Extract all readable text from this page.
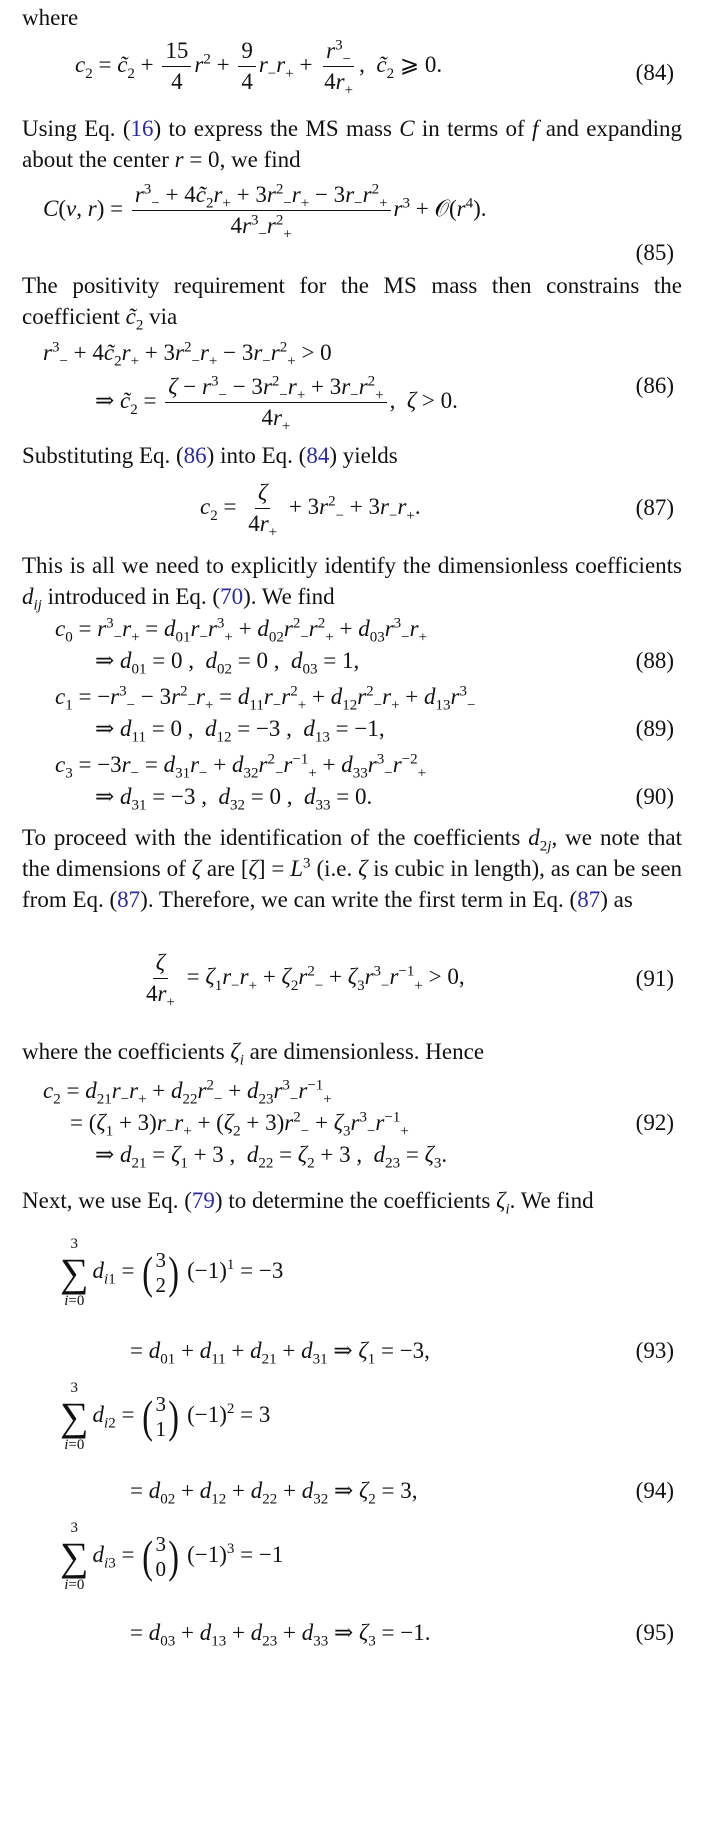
where
$c_2$ = $c̃_2 + \frac{15}{4} r^2 + \frac{9}{4} r_-r_+ + \frac{r^3_-}{4r_+}$ ,  $c̃_2$ ⩾ 0.	(84)
Using Eq. (16) to express the MS mass C in terms of f and expanding about the center r = 0, we find
C(v, $r) = \frac{r^3_- + 4c̃_2r_+ + 3r^2_-r_+ - 3r_-r^2_+}{4r^3_-r^2_+} r^3$ + $𝒪(r^4)$.
(85)
The positivity requirement for the MS mass then constrains the coefficient $c̃_2$ via
$r^3_-$ + $4c̃_2r_+ + 3r^2_-r_+ - 3r_-r^2_+ > 0$
⇒ $c̃_2 = \frac{\zeta - r^3_- - 3r^2_-r_+ + 3r_-r^2_+}{4r_+}$ ,  ζ > 0.
(86)
Substituting Eq. (86) into Eq. (84) yields
$c_2 = \frac{\zeta}{4r_+} + 3r^2_- + 3r_-r_+$.	(87)
This is all we need to explicitly identify the dimensionless coefficients $d_{ij}$ introduced in Eq. (70). We find
$c_0 = r^3_-r_+ = d_{01}r_-r^3_+ + d_{02}r^2_-r^2_+ + d_{03}r^3_-r_+$
⇒ $d_{01} = 0$ ,  $d_{02} = 0$ ,  $d_{03} = 1$,	(88)
$c_1 = -r^3_- - 3r^2_-r_+ = d_{11}r_-r^2_+ + d_{12}r^2_-r_+ + d_{13}r^3_-$
⇒ $d_{11} = 0$ ,  $d_{12} = -3$ ,  $d_{13} = -1$,	(89)
$c_3 = -3r_- = d_{31}r_- + d_{32}r^2_-r^{-1}_+ + d_{33}r^3_-r^{-2}_+$
⇒ $d_{31} = -3$ ,  $d_{32} = 0$ ,  $d_{33} = 0$.	(90)
To proceed with the identification of the coefficients $d_{2j}$, we note that the dimensions of ζ are $[\zeta] = L^3$ (i.e. ζ is cubic in length), as can be seen from Eq. (87). Therefore, we can write the first term in Eq. (87) as
$\frac{\zeta}{4r_+} = \zeta_1r_-r_+ + \zeta_2r^2_- + \zeta_3r^3_-r^{-1}_+ > 0$,	(91)
where the coefficients $\zeta_i$ are dimensionless. Hence
$c_2 = d_{21}r_-r_+ + d_{22}r^2_- + d_{23}r^3_-r^{-1}_+$
= $(\zeta_1 + 3)r_-r_+ + (\zeta_2 + 3)r^2_- + \zeta_3r^3_-r^{-1}_+$
⇒ $d_{21} = \zeta_1 + 3$ ,  $d_{22} = \zeta_2 + 3$ ,  $d_{23} = \zeta_3$.
(92)
Next, we use Eq. (79) to determine the coefficients $\zeta_i$. We find
3
∑
i=0
$d_{i1}$ = ( 3
2 ) $(-1)^1 = -3$
= $d_{01} + d_{11} + d_{21} + d_{31}$ ⇒ $\zeta_1 = -3$,	(93)
3
∑
i=0
$d_{i2}$ = ( 3
1 ) $(-1)^2 = 3$
= $d_{02} + d_{12} + d_{22} + d_{32}$ ⇒ $\zeta_2 = 3$,	(94)
3
∑
i=0
$d_{i3}$ = ( 3
0 ) $(-1)^3 = -1$
= $d_{03} + d_{13} + d_{23} + d_{33}$ ⇒ $\zeta_3 = -1$.	(95)
